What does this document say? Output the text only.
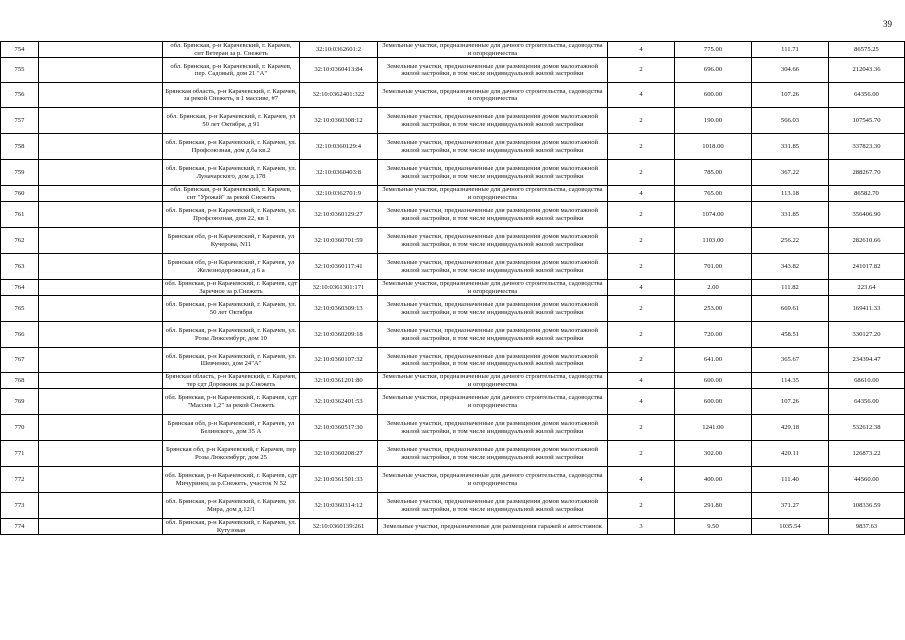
39
754		обл. Брянская, р-н Карачевский, г. Карачев, снт Ветеран за р. Снежеть	32:10:0362601:2	Земельные участки, предназначенные для дачного строительства, садоводства и огородничества	4	775.00	111.71	86575.25
755		обл. Брянская, р-н Карачевский, г. Карачев, пер. Садовый, дом 21 "А"	32:10:0360413:84	Земельные участки, предназначенные для размещения домов малоэтажной жилой застройки, в том числе индивидуальной жилой застройки	2	696.00	304.66	212043.36
756		Брянская область, р-н Карачевский, г. Карачев, за рекой Снежеть, в 1 массиве, #7	32:10:0362401:322	Земельные участки, предназначенные для дачного строительства, садоводства и огородничества	4	600.00	107.26	64356.00
757		обл. Брянская, р-н Карачевский, г. Карачев, ул 50 лет Октября, д 91	32:10:0360308:12	Земельные участки, предназначенные для размещения домов малоэтажной жилой застройки, в том числе индивидуальной жилой застройки	2	190.00	566.03	107545.70
758		обл. Брянская, р-н Карачевский, г. Карачев, ул. Профсоюзная, дом д.6а кв.2	32:10:0360129:4	Земельные участки, предназначенные для размещения домов малоэтажной жилой застройки, в том числе индивидуальной жилой застройки	2	1018.00	331.85	337823.30
759		обл. Брянская, р-н Карачевский, г. Карачев, ул. Луначарского, дом д.178	32:10:0360403:8	Земельные участки, предназначенные для размещения домов малоэтажной жилой застройки, в том числе индивидуальной жилой застройки	2	785.00	367.22	288267.70
760		обл. Брянская, р-н Карачевский, г. Карачев, снт "Урожай" за рекой Снежеть	32:10:0362701:9	Земельные участки, предназначенные для дачного строительства, садоводства и огородничества	4	765.00	113.18	86582.70
761		обл. Брянская, р-н Карачевский, г. Карачев, ул. Профсоюзная, дом 22, кв 1	32:10:0360129:27	Земельные участки, предназначенные для размещения домов малоэтажной жилой застройки, в том числе индивидуальной жилой застройки	2	1074.00	331.85	356406.90
762		Брянская обл, р-н Карачевский, г Карачев, ул Кучерова, N11	32:10:0360701:59	Земельные участки, предназначенные для размещения домов малоэтажной жилой застройки, в том числе индивидуальной жилой застройки	2	1103.00	256.22	282610.66
763		Брянская обл, р-н Карачевский, г Карачев, ул Железнодорожная, д 6 а	32:10:0360117:41	Земельные участки, предназначенные для размещения домов малоэтажной жилой застройки, в том числе индивидуальной жилой застройки	2	701.00	343.82	241017.82
764		обл. Брянская, р-н Карачевский, г. Карачев, сдт Заречное за р.Снежеть	32:10:0361301:171	Земельные участки, предназначенные для дачного строительства, садоводства и огородничества	4	2.00	111.82	223.64
765		обл. Брянская, р-н Карачевский, г. Карачев, ул. 50 лет Октября	32:10:0360309:13	Земельные участки, предназначенные для размещения домов малоэтажной жилой застройки, в том числе индивидуальной жилой застройки	2	253.00	669.61	169411.33
766		обл. Брянская, р-н Карачевский, г. Карачев, ул. Розы Люксембург, дом 10	32:10:0360209:18	Земельные участки, предназначенные для размещения домов малоэтажной жилой застройки, в том числе индивидуальной жилой застройки	2	720.00	458.51	330127.20
767		обл. Брянская, р-н Карачевский, г. Карачев, ул. Шевченко, дом 24"А"	32:10:0360107:32	Земельные участки, предназначенные для размещения домов малоэтажной жилой застройки, в том числе индивидуальной жилой застройки	2	641.00	365.67	234394.47
768		Брянская область, р-н Карачевский, г. Карачев, тер сдт Дорожник за р.Снежеть	32:10:0361201:80	Земельные участки, предназначенные для дачного строительства, садоводства и огородничества	4	600.00	114.35	68610.00
769		обл. Брянская, р-н Карачевский, г. Карачев, сдт "Массив 1,2" за рекой Снежеть	32:10:0362401:53	Земельные участки, предназначенные для дачного строительства, садоводства и огородничества	4	600.00	107.26	64356.00
770		Брянская обл, р-н Карачевский, г Карачев, ул Белинского, дом 35 А	32:10:0360517:30	Земельные участки, предназначенные для размещения домов малоэтажной жилой застройки, в том числе индивидуальной жилой застройки	2	1241.00	429.18	532612.38
771		Брянская обл, р-н Карачевский, г Карачев, пер Розы Люксембург, дом 25	32:10:0360208:27	Земельные участки, предназначенные для размещения домов малоэтажной жилой застройки, в том числе индивидуальной жилой застройки	2	302.00	420.11	126873.22
772		обл. Брянская, р-н Карачевский, г. Карачев, сдт Мичуринец за р.Снежеть, участок N 52	32:10:0361501:33	Земельные участки, предназначенные для дачного строительства, садоводства и огородничества	4	400.00	111.40	44560.00
773		обл. Брянская, р-н Карачевский, г. Карачев, ул. Мира, дом д.12/1	32:10:0360314:12	Земельные участки, предназначенные для размещения домов малоэтажной жилой застройки, в том числе индивидуальной жилой застройки	2	291.80	371.27	108336.59
774		обл. Брянская, р-н Карачевский, г. Карачев, ул. Кутузовая	32:10:0360139:261	Земельные участки, предназначенные для размещения гаражей и автостоянок	3	9.50	1035.54	9837.63
